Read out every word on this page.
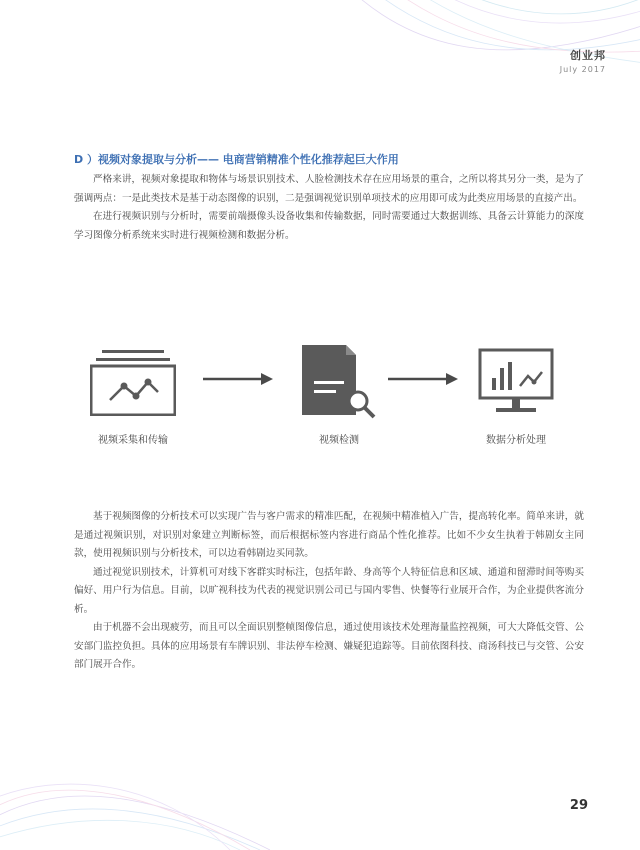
创业邦
July 2017
D ）视频对象提取与分析—— 电商营销精准个性化推荐起巨大作用

严格来讲，视频对象提取和物体与场景识别技术、人脸检测技术存在应用场景的重合，之所以将其另分一类，是为了强调两点：一是此类技术是基于动态图像的识别，二是强调视觉识别单项技术的应用即可成为此类应用场景的直接产出。

在进行视频识别与分析时，需要前端摄像头设备收集和传输数据，同时需要通过大数据训练、具备云计算能力的深度学习图像分析系统来实时进行视频检测和数据分析。

视频采集和传输	视频检测	数据分析处理

基于视频图像的分析技术可以实现广告与客户需求的精准匹配，在视频中精准植入广告，提高转化率。简单来讲，就是通过视频识别，对识别对象建立判断标签，而后根据标签内容进行商品个性化推荐。比如不少女生执着于韩剧女主同款，使用视频识别与分析技术，可以边看韩剧边买同款。

通过视觉识别技术，计算机可对线下客群实时标注，包括年龄、身高等个人特征信息和区域、通道和留滞时间等购买偏好、用户行为信息。目前，以旷视科技为代表的视觉识别公司已与国内零售、快餐等行业展开合作，为企业提供客流分析。

由于机器不会出现疲劳，而且可以全面识别整帧图像信息，通过使用该技术处理海量监控视频，可大大降低交管、公安部门监控负担。具体的应用场景有车牌识别、非法停车检测、嫌疑犯追踪等。目前依图科技、商汤科技已与交管、公安部门展开合作。

29
